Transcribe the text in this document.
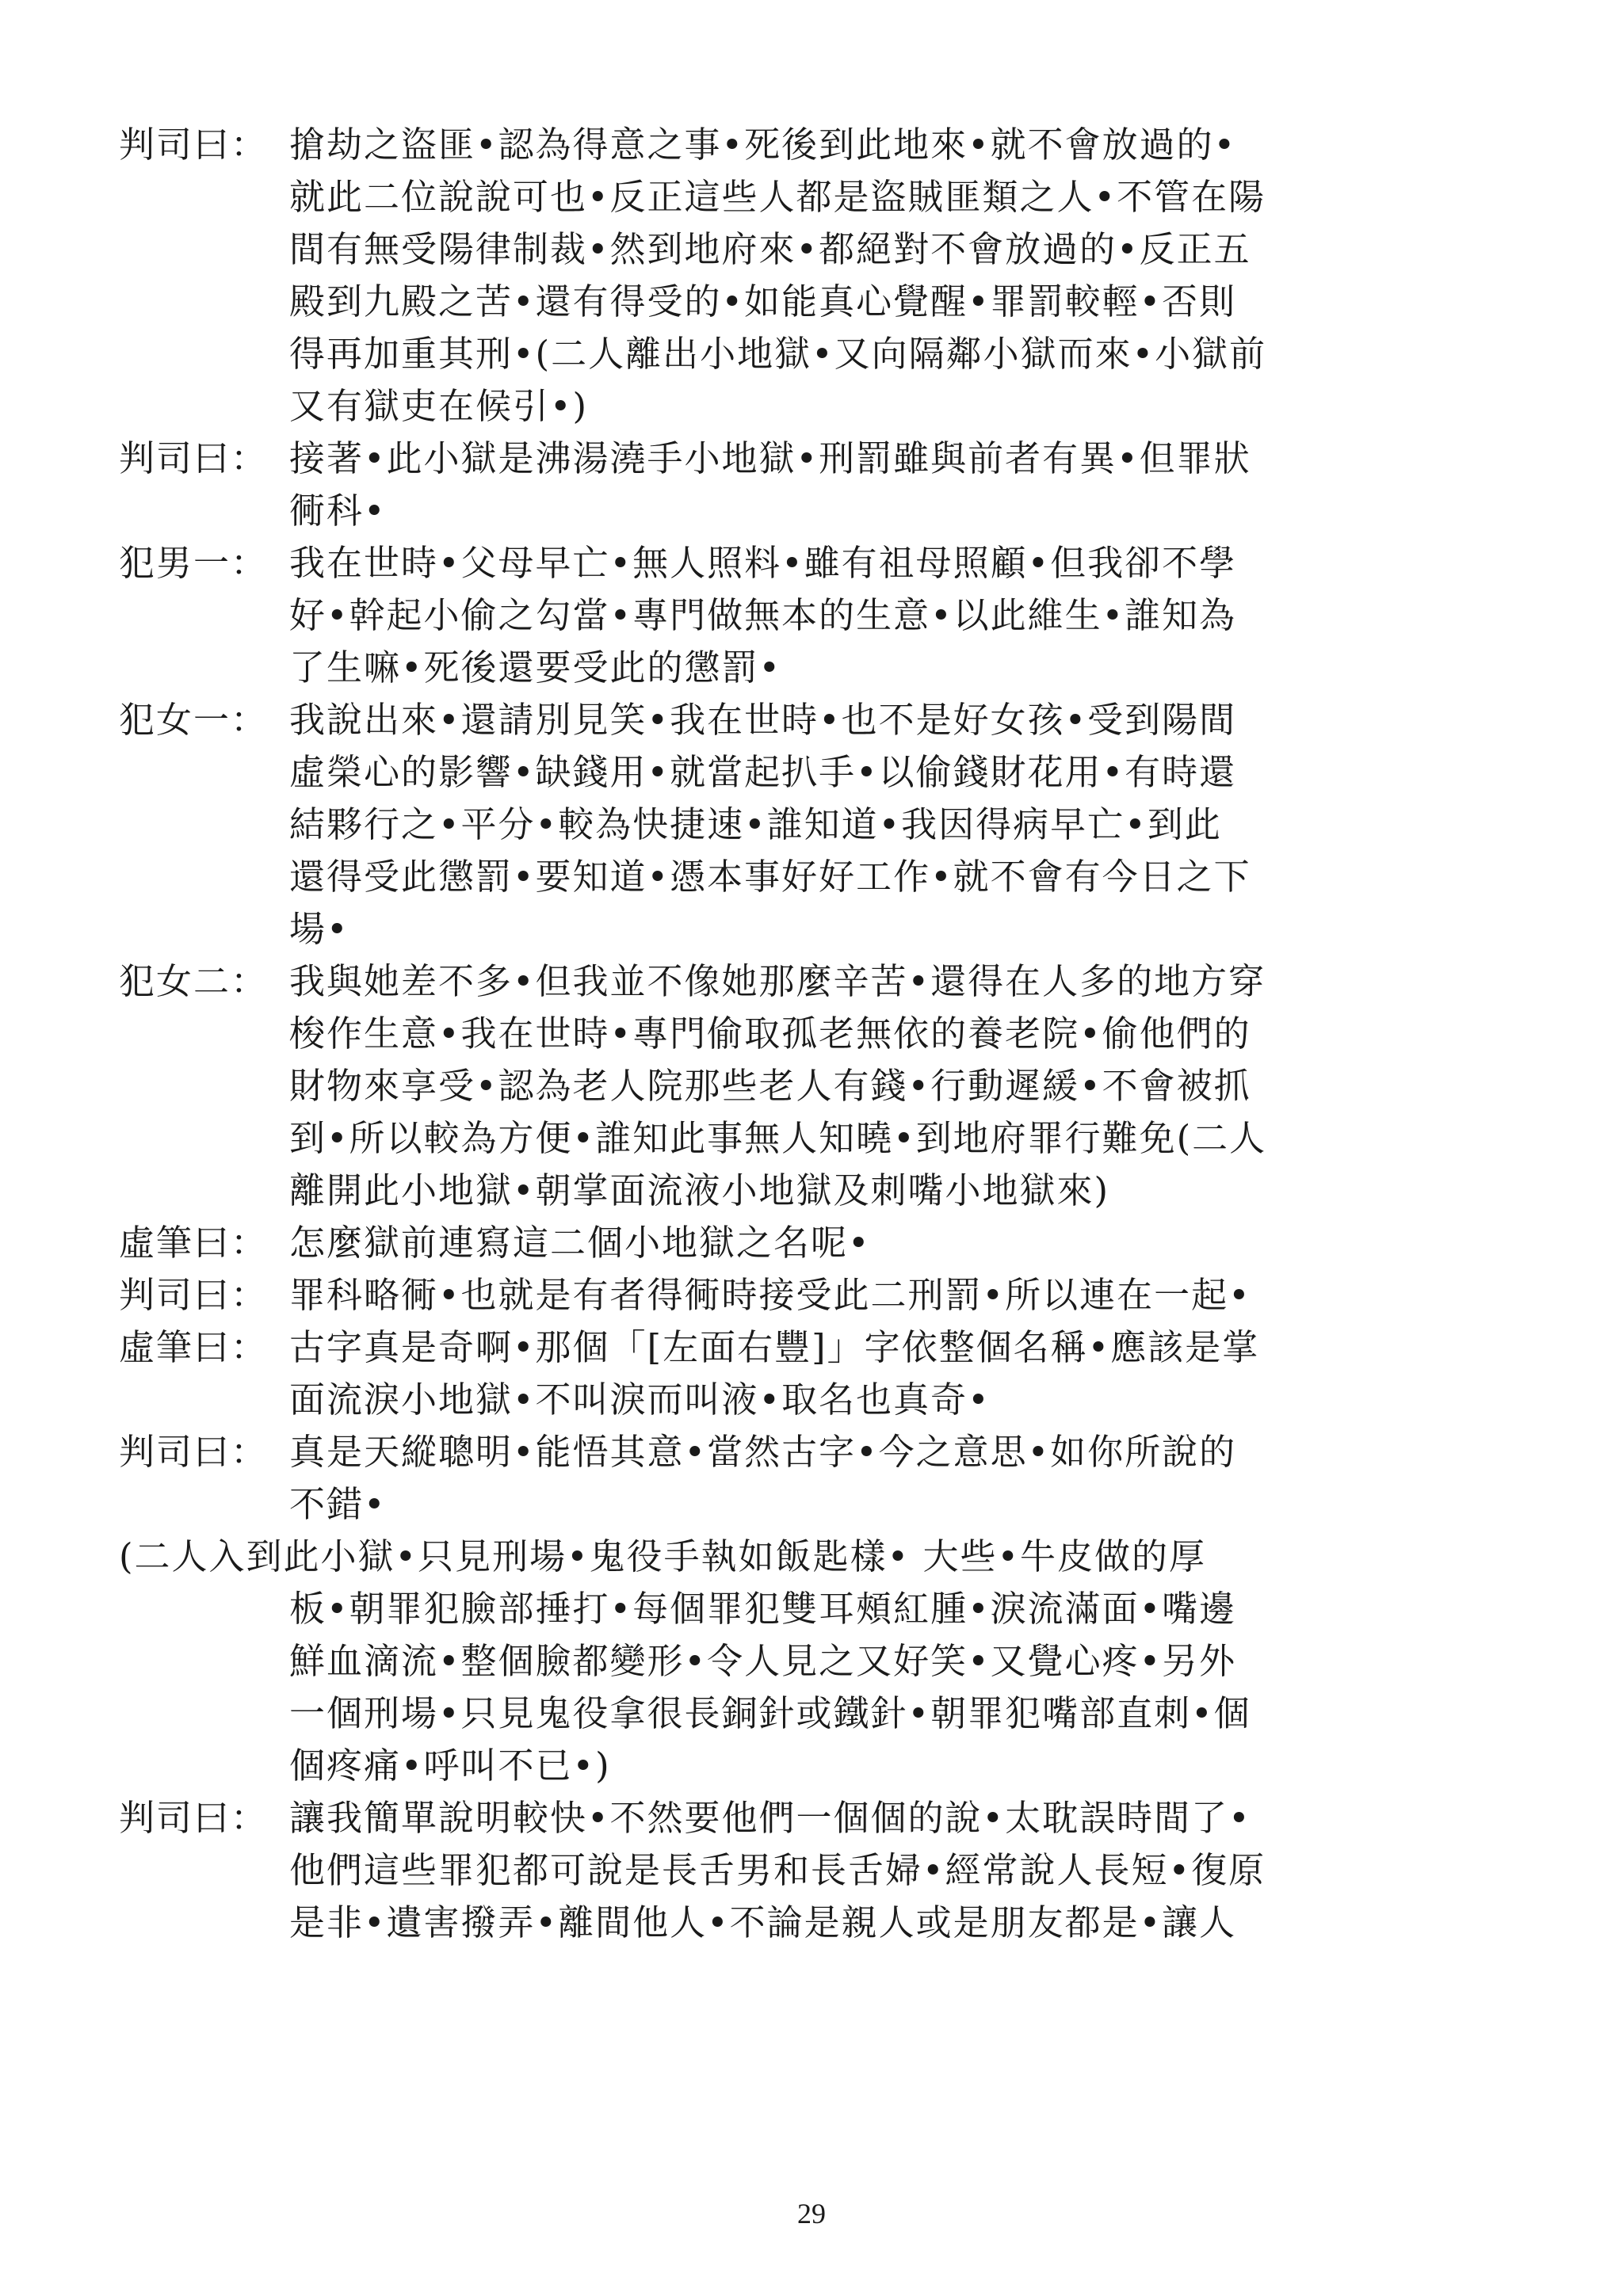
判司曰： 搶劫之盜匪•認為得意之事•死後到此地來•就不會放過的•
就此二位說說可也•反正這些人都是盜賊匪類之人•不管在陽
間有無受陽律制裁•然到地府來•都絕對不會放過的•反正五
殿到九殿之苦•還有得受的•如能真心覺醒•罪罰較輕•否則
得再加重其刑•(二人離出小地獄•又向隔鄰小獄而來•小獄前
又有獄吏在候引•)
判司曰： 接著•此小獄是沸湯澆手小地獄•刑罰雖與前者有異•但罪狀
衕科•
犯男一： 我在世時•父母早亡•無人照料•雖有祖母照顧•但我卻不學
好•幹起小偷之勾當•專門做無本的生意•以此維生•誰知為
了生嘛•死後還要受此的懲罰•
犯女一： 我說出來•還請別見笑•我在世時•也不是好女孩•受到陽間
虛榮心的影響•缺錢用•就當起扒手•以偷錢財花用•有時還
結夥行之•平分•較為快捷速•誰知道•我因得病早亡•到此
還得受此懲罰•要知道•憑本事好好工作•就不會有今日之下
場•
犯女二： 我與她差不多•但我並不像她那麼辛苦•還得在人多的地方穿
梭作生意•我在世時•專門偷取孤老無依的養老院•偷他們的
財物來享受•認為老人院那些老人有錢•行動遲緩•不會被抓
到•所以較為方便•誰知此事無人知曉•到地府罪行難免(二人
離開此小地獄•朝掌面流液小地獄及刺嘴小地獄來)
虛筆曰： 怎麼獄前連寫這二個小地獄之名呢•
判司曰： 罪科略衕•也就是有者得衕時接受此二刑罰•所以連在一起•
虛筆曰： 古字真是奇啊•那個「[左面右豐]」字依整個名稱•應該是掌
面流淚小地獄•不叫淚而叫液•取名也真奇•
判司曰： 真是天縱聰明•能悟其意•當然古字•今之意思•如你所說的
不錯•
(二人入到此小獄•只見刑場•鬼役手執如飯匙樣• 大些•牛皮做的厚
板•朝罪犯臉部捶打•每個罪犯雙耳頰紅腫•淚流滿面•嘴邊
鮮血滴流•整個臉都變形•令人見之又好笑•又覺心疼•另外
一個刑場•只見鬼役拿很長銅針或鐵針•朝罪犯嘴部直刺•個
個疼痛•呼叫不已•)
判司曰： 讓我簡單說明較快•不然要他們一個個的說•太耽誤時間了•
他們這些罪犯都可說是長舌男和長舌婦•經常說人長短•復原
是非•遺害撥弄•離間他人•不論是親人或是朋友都是•讓人
29
